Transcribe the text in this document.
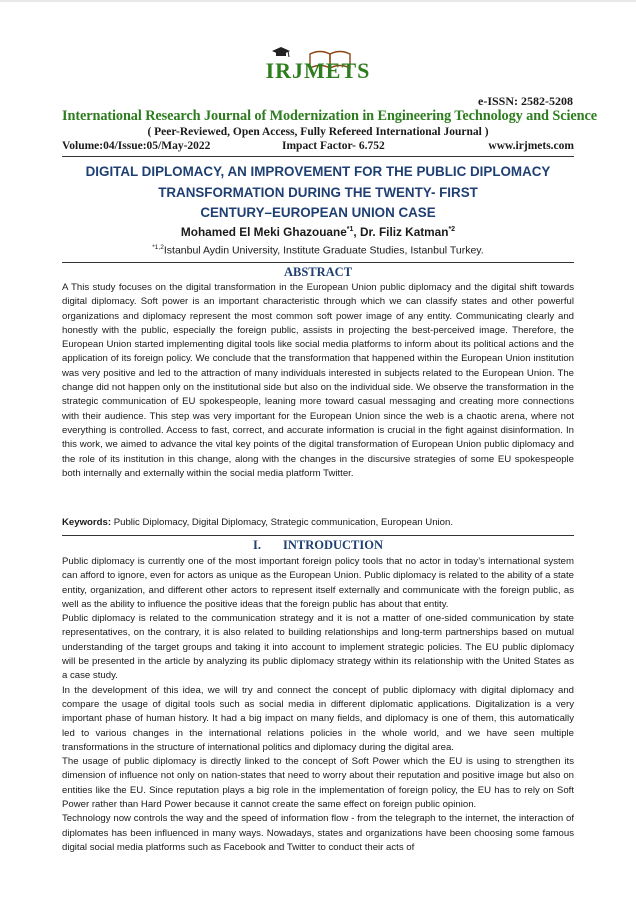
IRJMETS
e-ISSN: 2582-5208
International Research Journal of Modernization in Engineering Technology and Science
( Peer-Reviewed, Open Access, Fully Refereed International Journal )
Volume:04/Issue:05/May-2022	Impact Factor- 6.752	www.irjmets.com
DIGITAL DIPLOMACY, AN IMPROVEMENT FOR THE PUBLIC DIPLOMACY
TRANSFORMATION DURING THE TWENTY- FIRST
CENTURY–EUROPEAN UNION CASE
Mohamed El Meki Ghazouane$^{*1}$, Dr. Filiz Katman$^{*2}$
$^{*1,2}$Istanbul Aydin University, Institute Graduate Studies, Istanbul Turkey.
ABSTRACT

A This study focuses on the digital transformation in the European Union public diplomacy and the digital shift towards digital diplomacy. Soft power is an important characteristic through which we can classify states and other powerful organizations and diplomacy represent the most common soft power image of any entity. Communicating clearly and honestly with the public, especially the foreign public, assists in projecting the best-perceived image. Therefore, the European Union started implementing digital tools like social media platforms to inform about its political actions and the application of its foreign policy. We conclude that the transformation that happened within the European Union institution was very positive and led to the attraction of many individuals interested in subjects related to the European Union. The change did not happen only on the institutional side but also on the individual side. We observe the transformation in the strategic communication of EU spokespeople, leaning more toward casual messaging and creating more connections with their audience. This step was very important for the European Union since the web is a chaotic arena, where not everything is controlled. Access to fast, correct, and accurate information is crucial in the fight against disinformation. In this work, we aimed to advance the vital key points of the digital transformation of European Union public diplomacy and the role of its institution in this change, along with the changes in the discursive strategies of some EU spokespeople both internally and externally within the social media platform Twitter.

Keywords: Public Diplomacy, Digital Diplomacy, Strategic communication, European Union.
I. INTRODUCTION

Public diplomacy is currently one of the most important foreign policy tools that no actor in today’s international system can afford to ignore, even for actors as unique as the European Union. Public diplomacy is related to the ability of a state entity, organization, and different other actors to represent itself externally and communicate with the foreign public, as well as the ability to influence the positive ideas that the foreign public has about that entity.

Public diplomacy is related to the communication strategy and it is not a matter of one-sided communication by state representatives, on the contrary, it is also related to building relationships and long-term partnerships based on mutual understanding of the target groups and taking it into account to implement strategic policies. The EU public diplomacy will be presented in the article by analyzing its public diplomacy strategy within its relationship with the United States as a case study.

In the development of this idea, we will try and connect the concept of public diplomacy with digital diplomacy and compare the usage of digital tools such as social media in different diplomatic applications. Digitalization is a very important phase of human history. It had a big impact on many fields, and diplomacy is one of them, this automatically led to various changes in the international relations policies in the whole world, and we have seen multiple transformations in the structure of international politics and diplomacy during the digital area.

The usage of public diplomacy is directly linked to the concept of Soft Power which the EU is using to strengthen its dimension of influence not only on nation-states that need to worry about their reputation and positive image but also on entities like the EU. Since reputation plays a big role in the implementation of foreign policy, the EU has to rely on Soft Power rather than Hard Power because it cannot create the same effect on foreign public opinion.

Technology now controls the way and the speed of information flow - from the telegraph to the internet, the interaction of diplomates has been influenced in many ways. Nowadays, states and organizations have been choosing some famous digital social media platforms such as Facebook and Twitter to conduct their acts of
